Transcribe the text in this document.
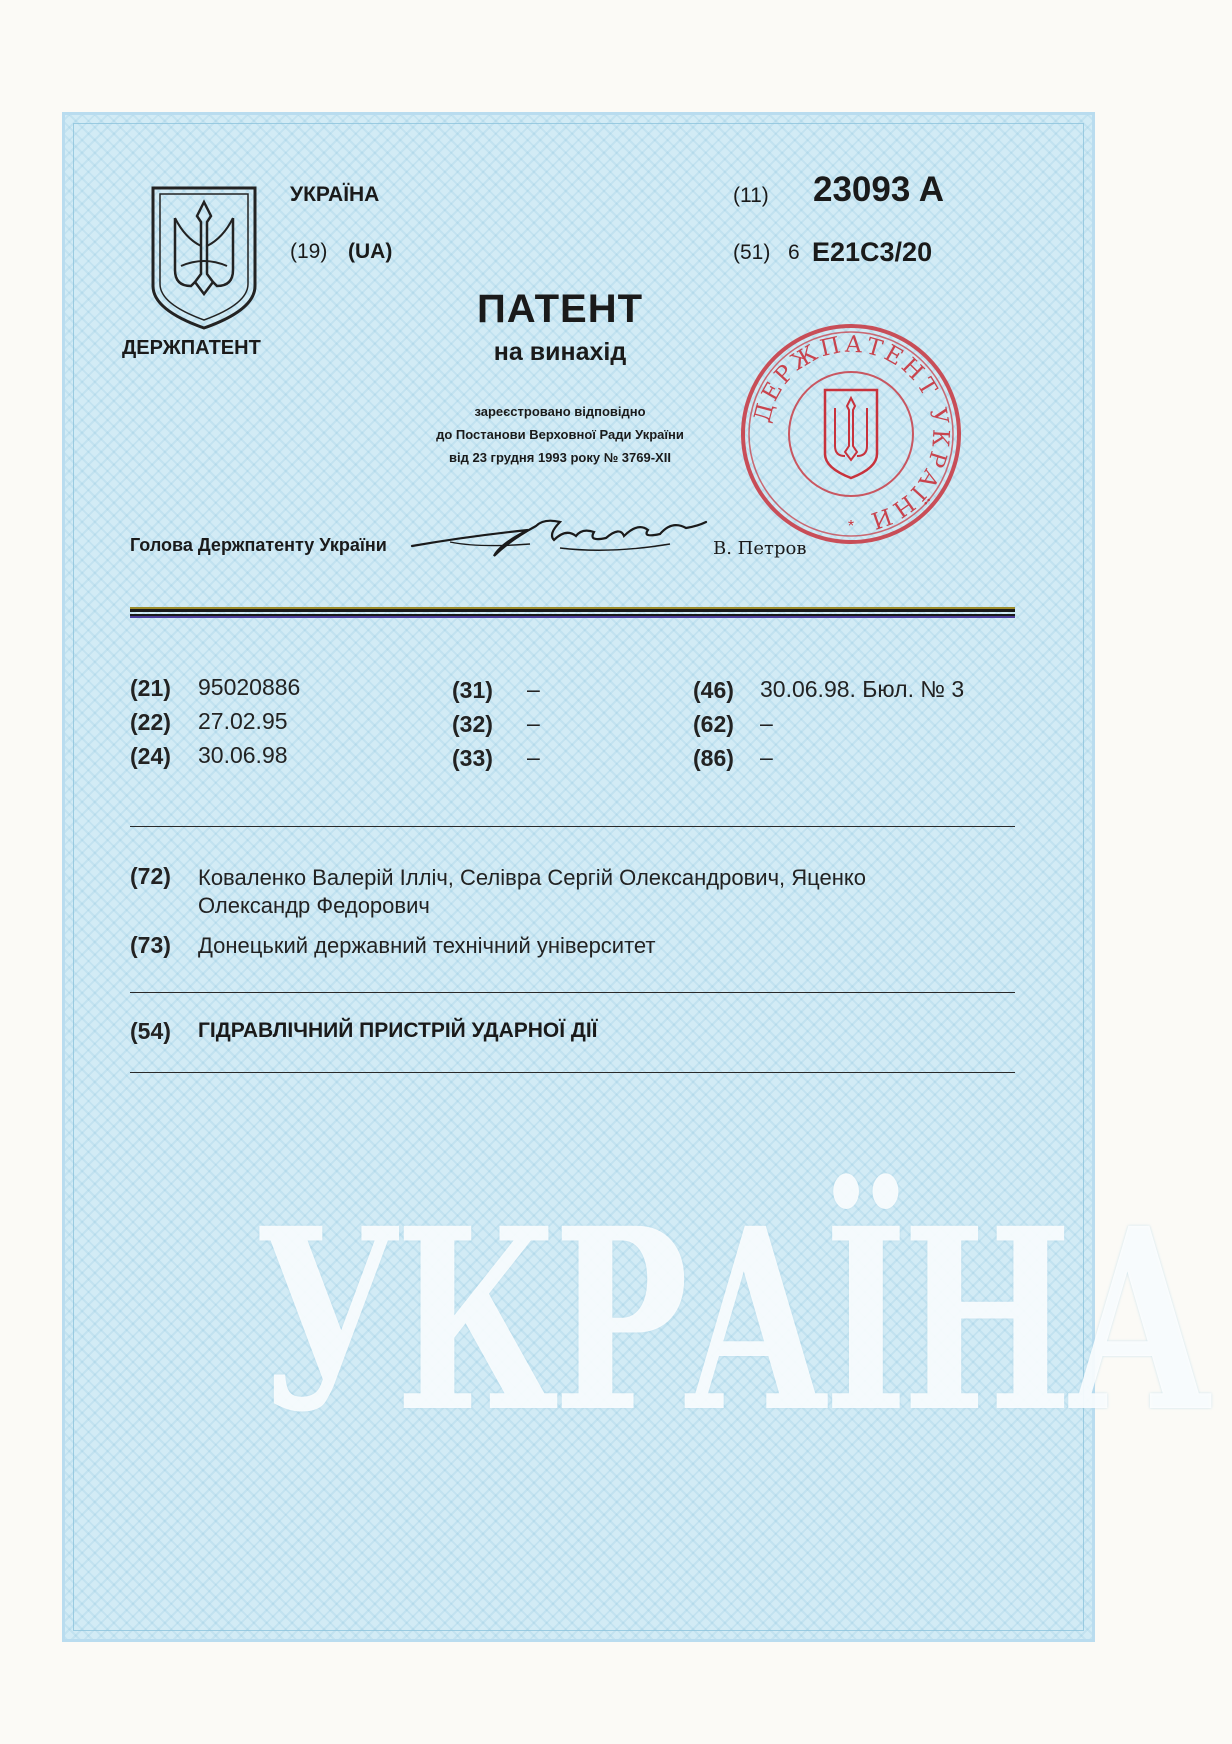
ДЕРЖПАТЕНТ
УКРАЇНА
(19) (UA)
(11) 23093 A
(51) 6 E21C3/20
ПАТЕНТ
на винахід
зареєстровано відповідно
до Постанови Верховної Ради України
від 23 грудня 1993 року № 3769-XII
ДЕРЖПАТЕНТ УКРАЇНИ
*
Голова Держпатенту України	В. Петров
(21) 95020886
(22) 27.02.95
(24) 30.06.98
(31) –
(32) –
(33) –
(46) 30.06.98. Бюл. № 3
(62) –
(86) –
(72) Коваленко Валерій Ілліч, Селівра Сергій Олександрович, Яценко
Олександр Федорович
(73) Донецький державний технічний університет
(54) ГІДРАВЛІЧНИЙ ПРИСТРІЙ УДАРНОЇ ДІЇ
УКРАЇНА
